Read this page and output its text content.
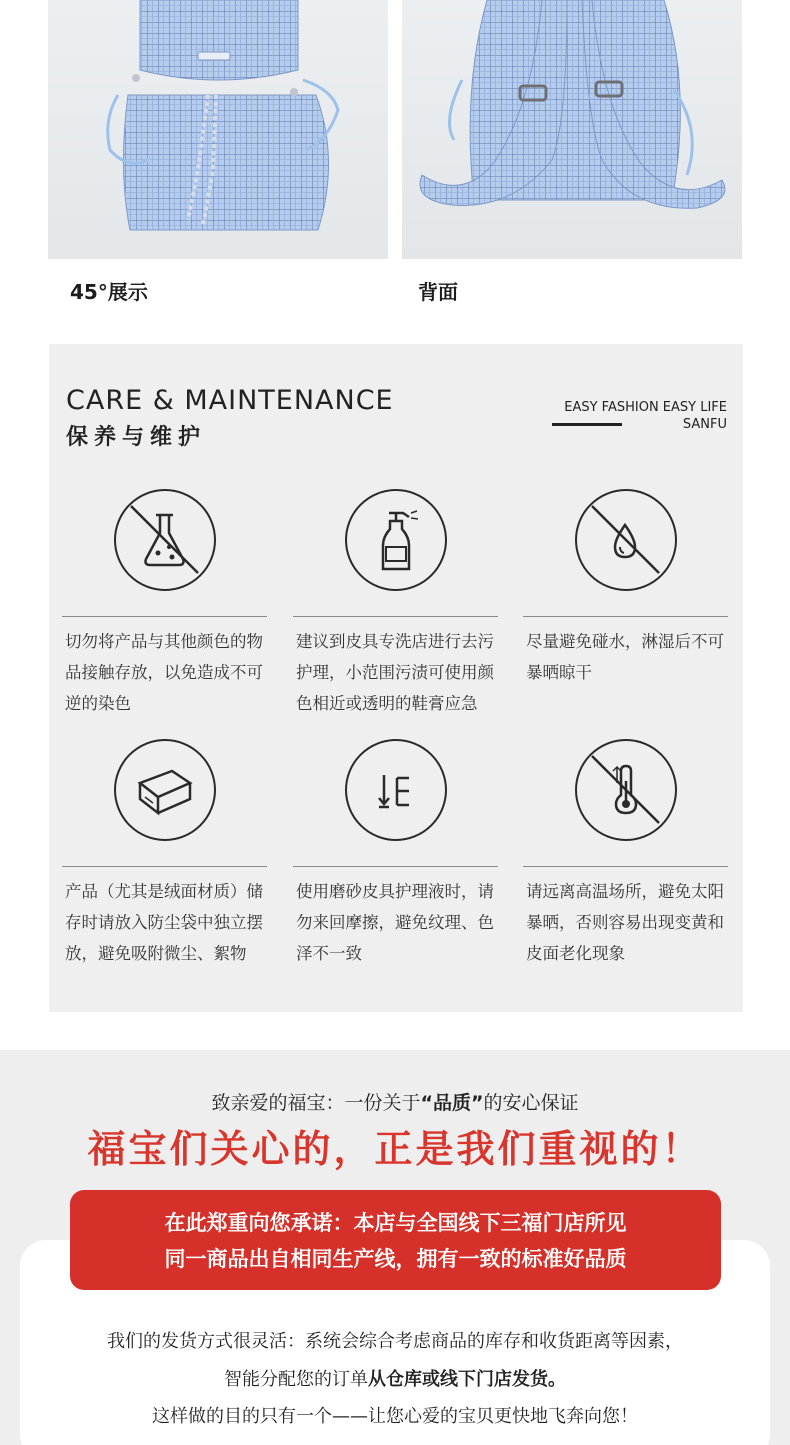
45°展示	背面
CARE & MAINTENANCE
保养与维护
EASY FASHION EASY LIFE
SANFU
切勿将产品与其他颜色的物品接触存放，以免造成不可逆的染色
建议到皮具专洗店进行去污护理，小范围污渍可使用颜色相近或透明的鞋膏应急
尽量避免碰水，淋湿后不可暴晒晾干
产品（尤其是绒面材质）储存时请放入防尘袋中独立摆放，避免吸附微尘、絮物
使用磨砂皮具护理液时，请勿来回摩擦，避免纹理、色泽不一致
请远离高温场所，避免太阳暴晒，否则容易出现变黄和皮面老化现象
致亲爱的福宝：一份关于“品质”的安心保证
福宝们关心的，正是我们重视的！
在此郑重向您承诺：本店与全国线下三福门店所见
同一商品出自相同生产线，拥有一致的标准好品质
我们的发货方式很灵活：系统会综合考虑商品的库存和收货距离等因素，
智能分配您的订单从仓库或线下门店发货。
这样做的目的只有一个——让您心爱的宝贝更快地飞奔向您！
